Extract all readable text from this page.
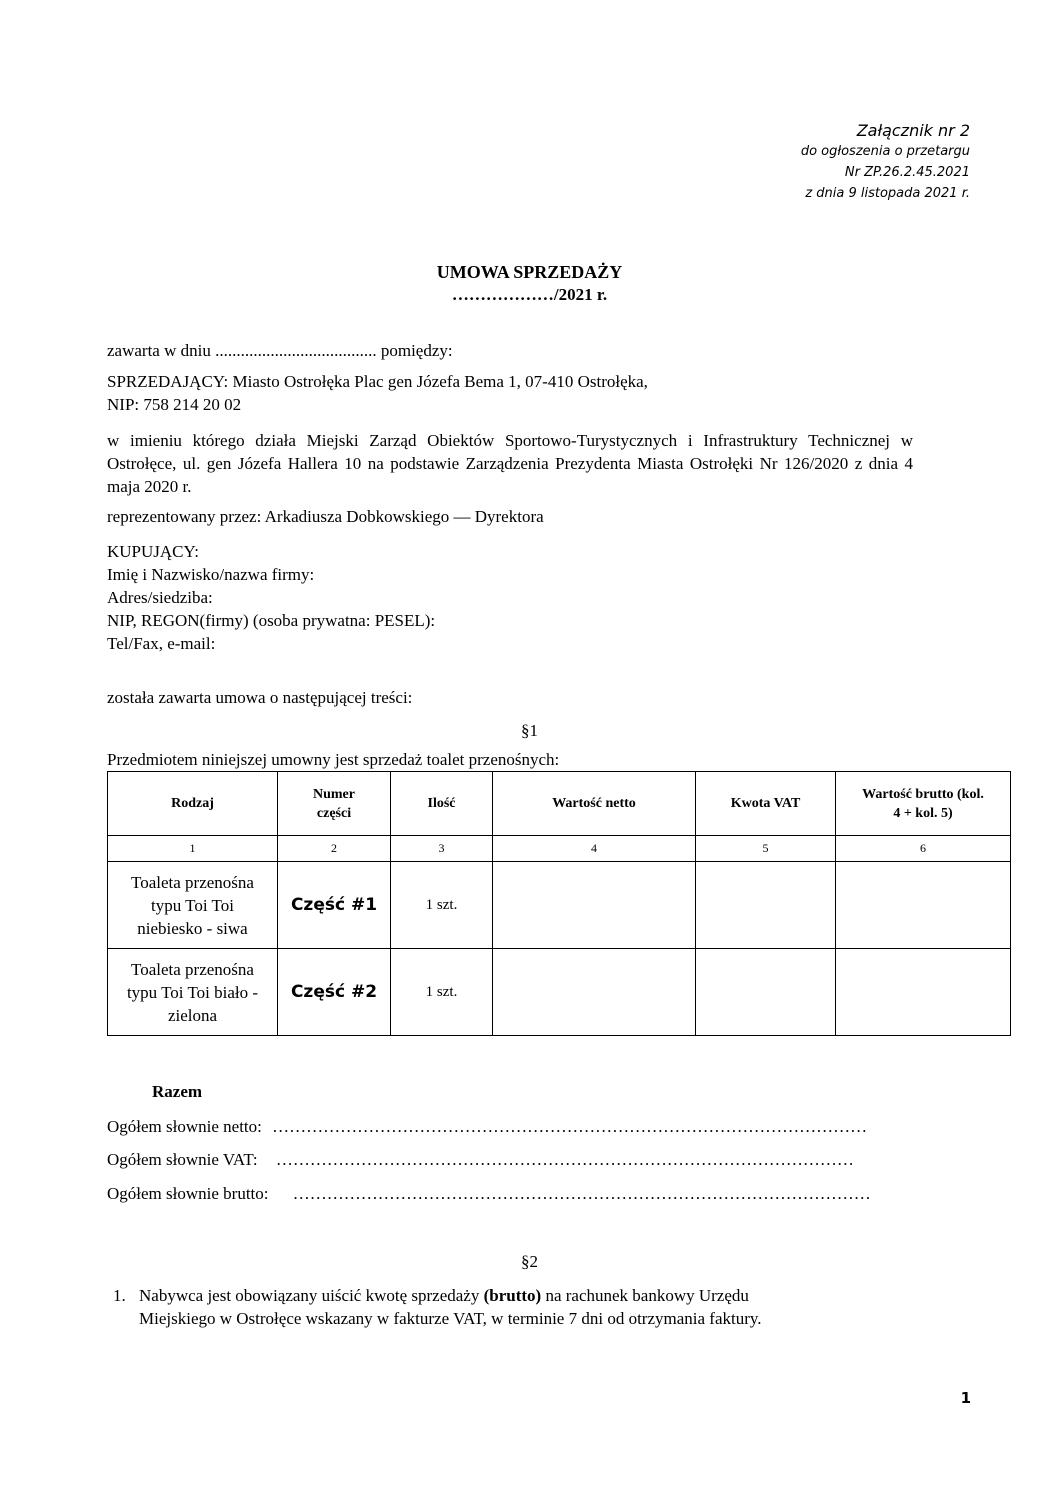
Załącznik nr 2
do ogłoszenia o przetargu
Nr ZP.26.2.45.2021
z dnia 9 listopada 2021 r.
UMOWA SPRZEDAŻY
………………/2021 r.
zawarta w dniu ...................................... pomiędzy:
SPRZEDAJĄCY: Miasto Ostrołęka Plac gen Józefa Bema 1, 07-410 Ostrołęka,
NIP: 758 214 20 02
w imieniu którego działa Miejski Zarząd Obiektów Sportowo-Turystycznych i Infrastruktury Technicznej w Ostrołęce, ul. gen Józefa Hallera 10 na podstawie Zarządzenia Prezydenta Miasta Ostrołęki Nr 126/2020 z dnia 4 maja 2020 r.
reprezentowany przez: Arkadiusza Dobkowskiego — Dyrektora
KUPUJĄCY:
Imię i Nazwisko/nazwa firmy:
Adres/siedziba:
NIP, REGON(firmy) (osoba prywatna: PESEL):
Tel/Fax, e-mail:
została zawarta umowa o następującej treści:
§1
Przedmiotem niniejszej umowny jest sprzedaż toalet przenośnych:
Rodzaj	Numer części	Ilość	Wartość netto	Kwota VAT	Wartość brutto (kol. 4 + kol. 5)
1	2	3	4	5	6
Toaleta przenośna typu Toi Toi niebiesko - siwa	Część #1	1 szt.			
Toaleta przenośna typu Toi Toi biało - zielona	Część #2	1 szt.			
Razem
Ogółem słownie netto: ……………………………………………………………………………………………
Ogółem słownie VAT: …………………………………………………………………………………………
Ogółem słownie brutto: …………………………………………………………………………………………
§2
1. Nabywca jest obowiązany uiścić kwotę sprzedaży (brutto) na rachunek bankowy Urzędu
Miejskiego w Ostrołęce wskazany w fakturze VAT, w terminie 7 dni od otrzymania faktury.
1
